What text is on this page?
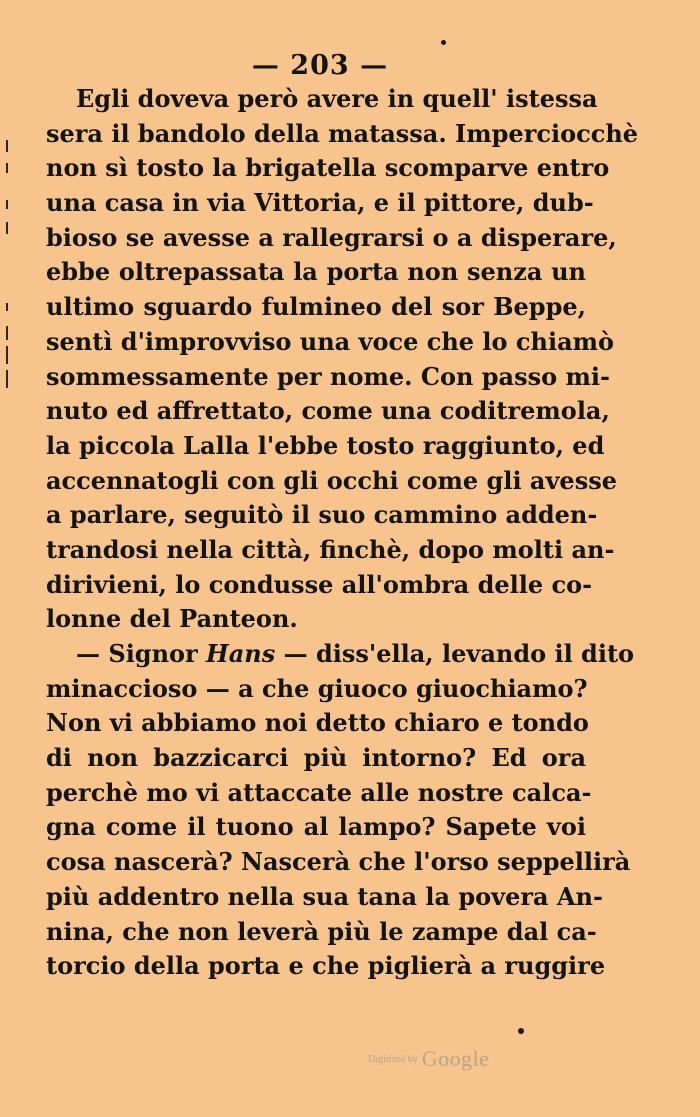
— 203 —
Egli doveva però avere in quell' istessa
sera il bandolo della matassa. Imperciocchè
non sì tosto la brigatella scomparve entro
una casa in via Vittoria, e il pittore, dub-
bioso se avesse a rallegrarsi o a disperare,
ebbe oltrepassata la porta non senza un
ultimo sguardo fulmineo del sor Beppe,
sentì d'improvviso una voce che lo chiamò
sommessamente per nome. Con passo mi-
nuto ed affrettato, come una coditremola,
la piccola Lalla l'ebbe tosto raggiunto, ed
accennatogli con gli occhi come gli avesse
a parlare, seguitò il suo cammino adden-
trandosi nella città, finchè, dopo molti an-
dirivieni, lo condusse all'ombra delle co-
lonne del Panteon.
— Signor Hans — diss'ella, levando il dito
minaccioso — a che giuoco giuochiamo?
Non vi abbiamo noi detto chiaro e tondo
di non bazzicarci più intorno? Ed ora
perchè mo vi attaccate alle nostre calca-
gna come il tuono al lampo? Sapete voi
cosa nascerà? Nascerà che l'orso seppellirà
più addentro nella sua tana la povera An-
nina, che non leverà più le zampe dal ca-
torcio della porta e che piglierà a ruggire
Digitized by Google
